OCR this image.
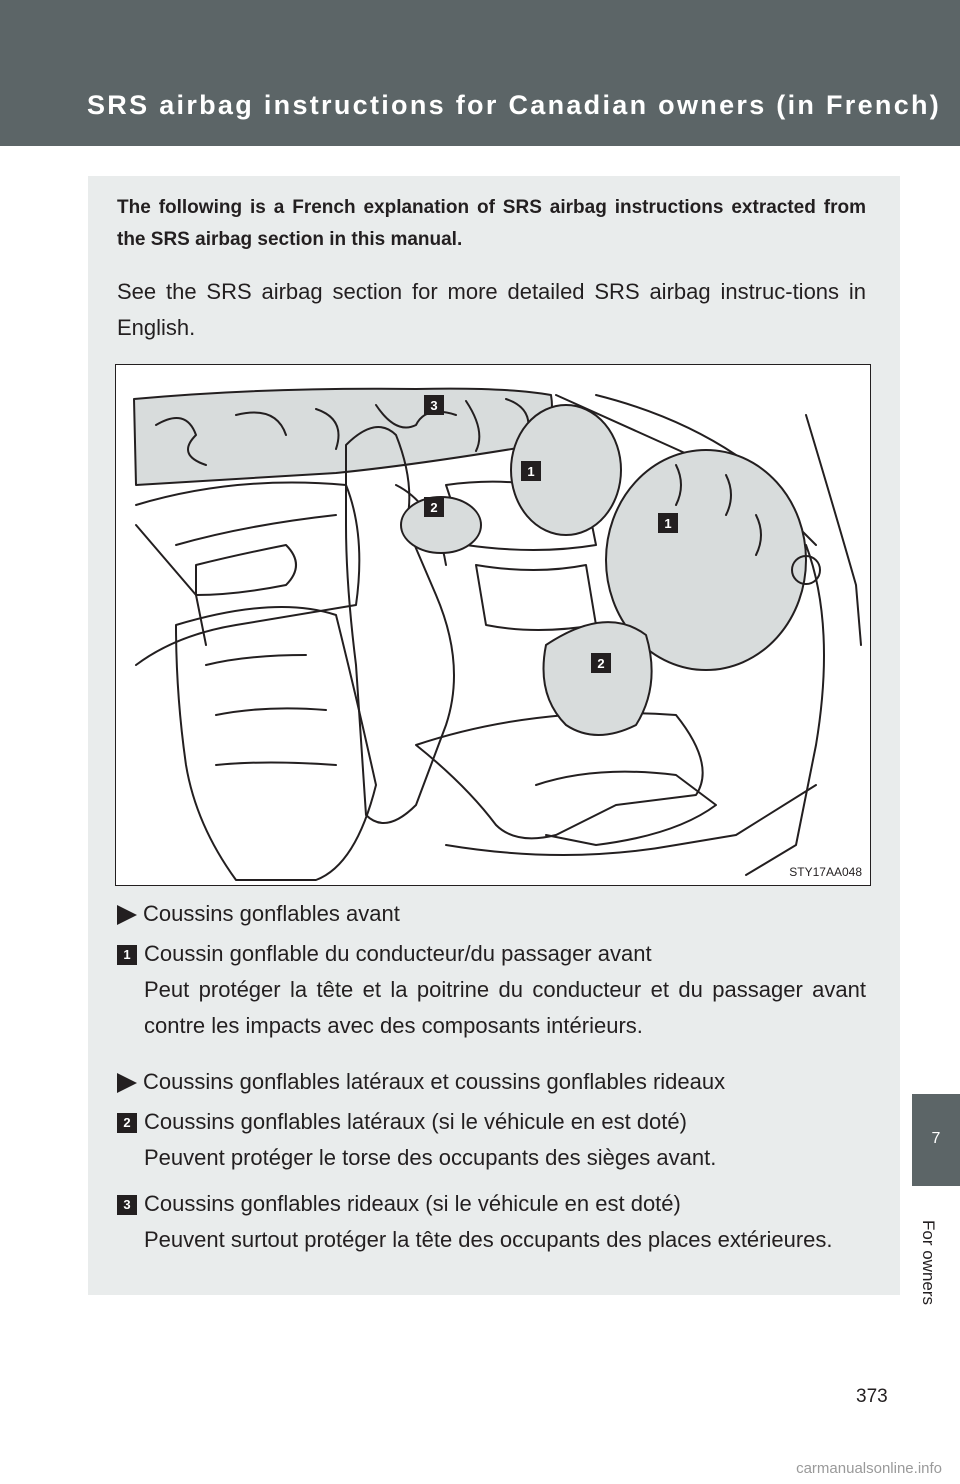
SRS airbag instructions for Canadian owners (in French)
7
For owners

The following is a French explanation of SRS airbag instructions extracted from the SRS airbag section in this manual.

See the SRS airbag section for more detailed SRS airbag instruc-tions in English.

3
1
2
1
2
STY17AA048
Coussins gonflables avant
1 Coussin gonflable du conducteur/du passager avant
Peut protéger la tête et la poitrine du conducteur et du passager avant contre les impacts avec des composants intérieurs.
Coussins gonflables latéraux et coussins gonflables rideaux
2 Coussins gonflables latéraux (si le véhicule en est doté)
Peuvent protéger le torse des occupants des sièges avant.
3 Coussins gonflables rideaux (si le véhicule en est doté)
Peuvent surtout protéger la tête des occupants des places extérieures.
373
carmanualsonline.info
